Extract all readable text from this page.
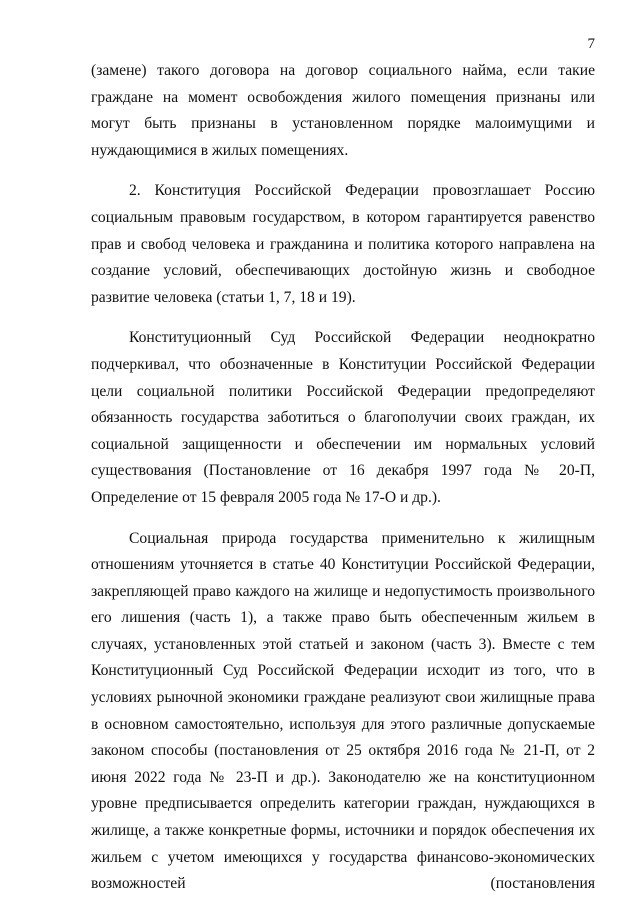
7

(замене) такого договора на договор социального найма, если такие граждане на момент освобождения жилого помещения признаны или могут быть признаны в установленном порядке малоимущими и нуждающимися в жилых помещениях.

2. Конституция Российской Федерации провозглашает Россию социальным правовым государством, в котором гарантируется равенство прав и свобод человека и гражданина и политика которого направлена на создание условий, обеспечивающих достойную жизнь и свободное развитие человека (статьи 1, 7, 18 и 19).

Конституционный Суд Российской Федерации неоднократно подчеркивал, что обозначенные в Конституции Российской Федерации цели социальной политики Российской Федерации предопределяют обязанность государства заботиться о благополучии своих граждан, их социальной защищенности и обеспечении им нормальных условий существования (Постановление от 16 декабря 1997 года № 20-П, Определение от 15 февраля 2005 года № 17-О и др.).

Социальная природа государства применительно к жилищным отношениям уточняется в статье 40 Конституции Российской Федерации, закрепляющей право каждого на жилище и недопустимость произвольного его лишения (часть 1), а также право быть обеспеченным жильем в случаях, установленных этой статьей и законом (часть 3). Вместе с тем Конституционный Суд Российской Федерации исходит из того, что в условиях рыночной экономики граждане реализуют свои жилищные права в основном самостоятельно, используя для этого различные допускаемые законом способы (постановления от 25 октября 2016 года № 21-П, от 2 июня 2022 года № 23-П и др.). Законодателю же на конституционном уровне предписывается определить категории граждан, нуждающихся в жилище, а также конкретные формы, источники и порядок обеспечения их жильем с учетом имеющихся у государства финансово-экономических возможностей (постановления
